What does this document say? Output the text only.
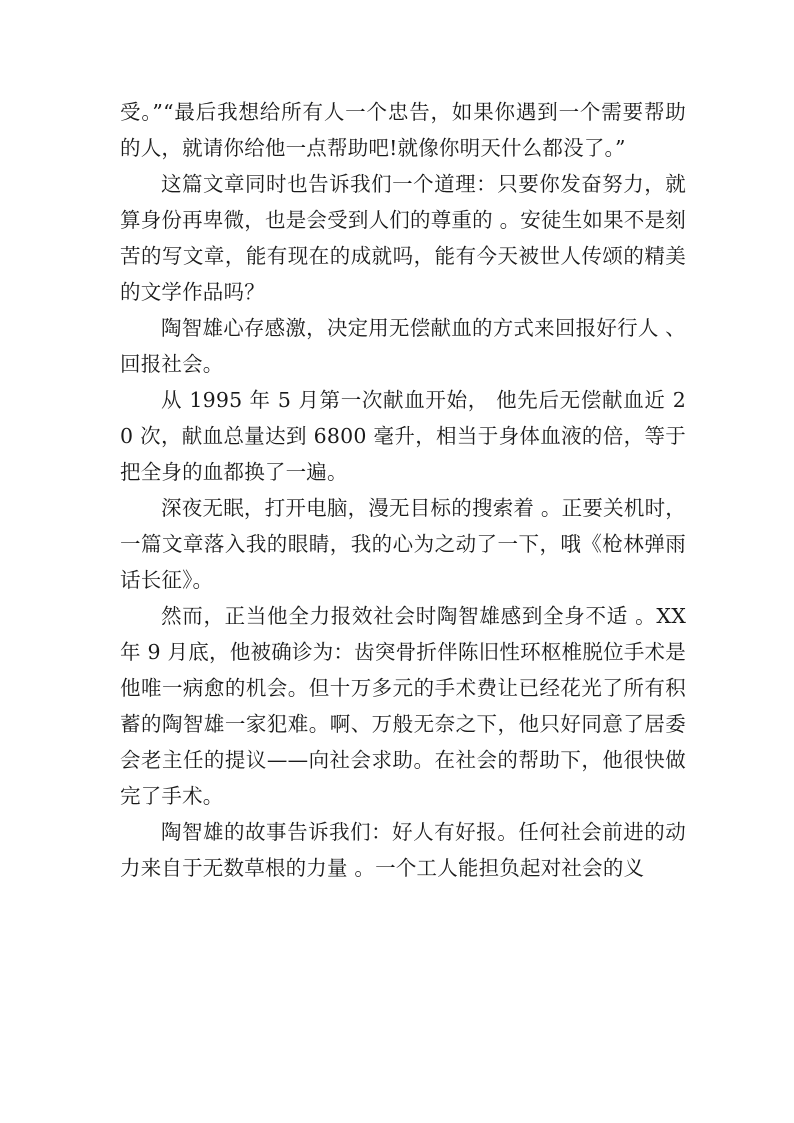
受。”“最后我想给所有人一个忠告，如果你遇到一个需要帮助的人，就请你给他一点帮助吧!就像你明天什么都没了。”

这篇文章同时也告诉我们一个道理：只要你发奋努力，就算身份再卑微，也是会受到人们的尊重的 。安徒生如果不是刻苦的写文章，能有现在的成就吗，能有今天被世人传颂的精美的文学作品吗？

陶智雄心存感激，决定用无偿献血的方式来回报好行人 、回报社会。

从 1995 年 5 月第一次献血开始， 他先后无偿献血近 20 次，献血总量达到 6800 毫升，相当于身体血液的倍，等于把全身的血都换了一遍。

深夜无眠，打开电脑，漫无目标的搜索着 。正要关机时，一篇文章落入我的眼睛，我的心为之动了一下，哦《枪林弹雨话长征》。

然而，正当他全力报效社会时陶智雄感到全身不适 。XX 年 9 月底，他被确诊为：齿突骨折伴陈旧性环枢椎脱位手术是他唯一病愈的机会。但十万多元的手术费让已经花光了所有积蓄的陶智雄一家犯难。啊、万般无奈之下，他只好同意了居委会老主任的提议——向社会求助。在社会的帮助下，他很快做完了手术。

陶智雄的故事告诉我们：好人有好报。任何社会前进的动力来自于无数草根的力量 。一个工人能担负起对社会的义
